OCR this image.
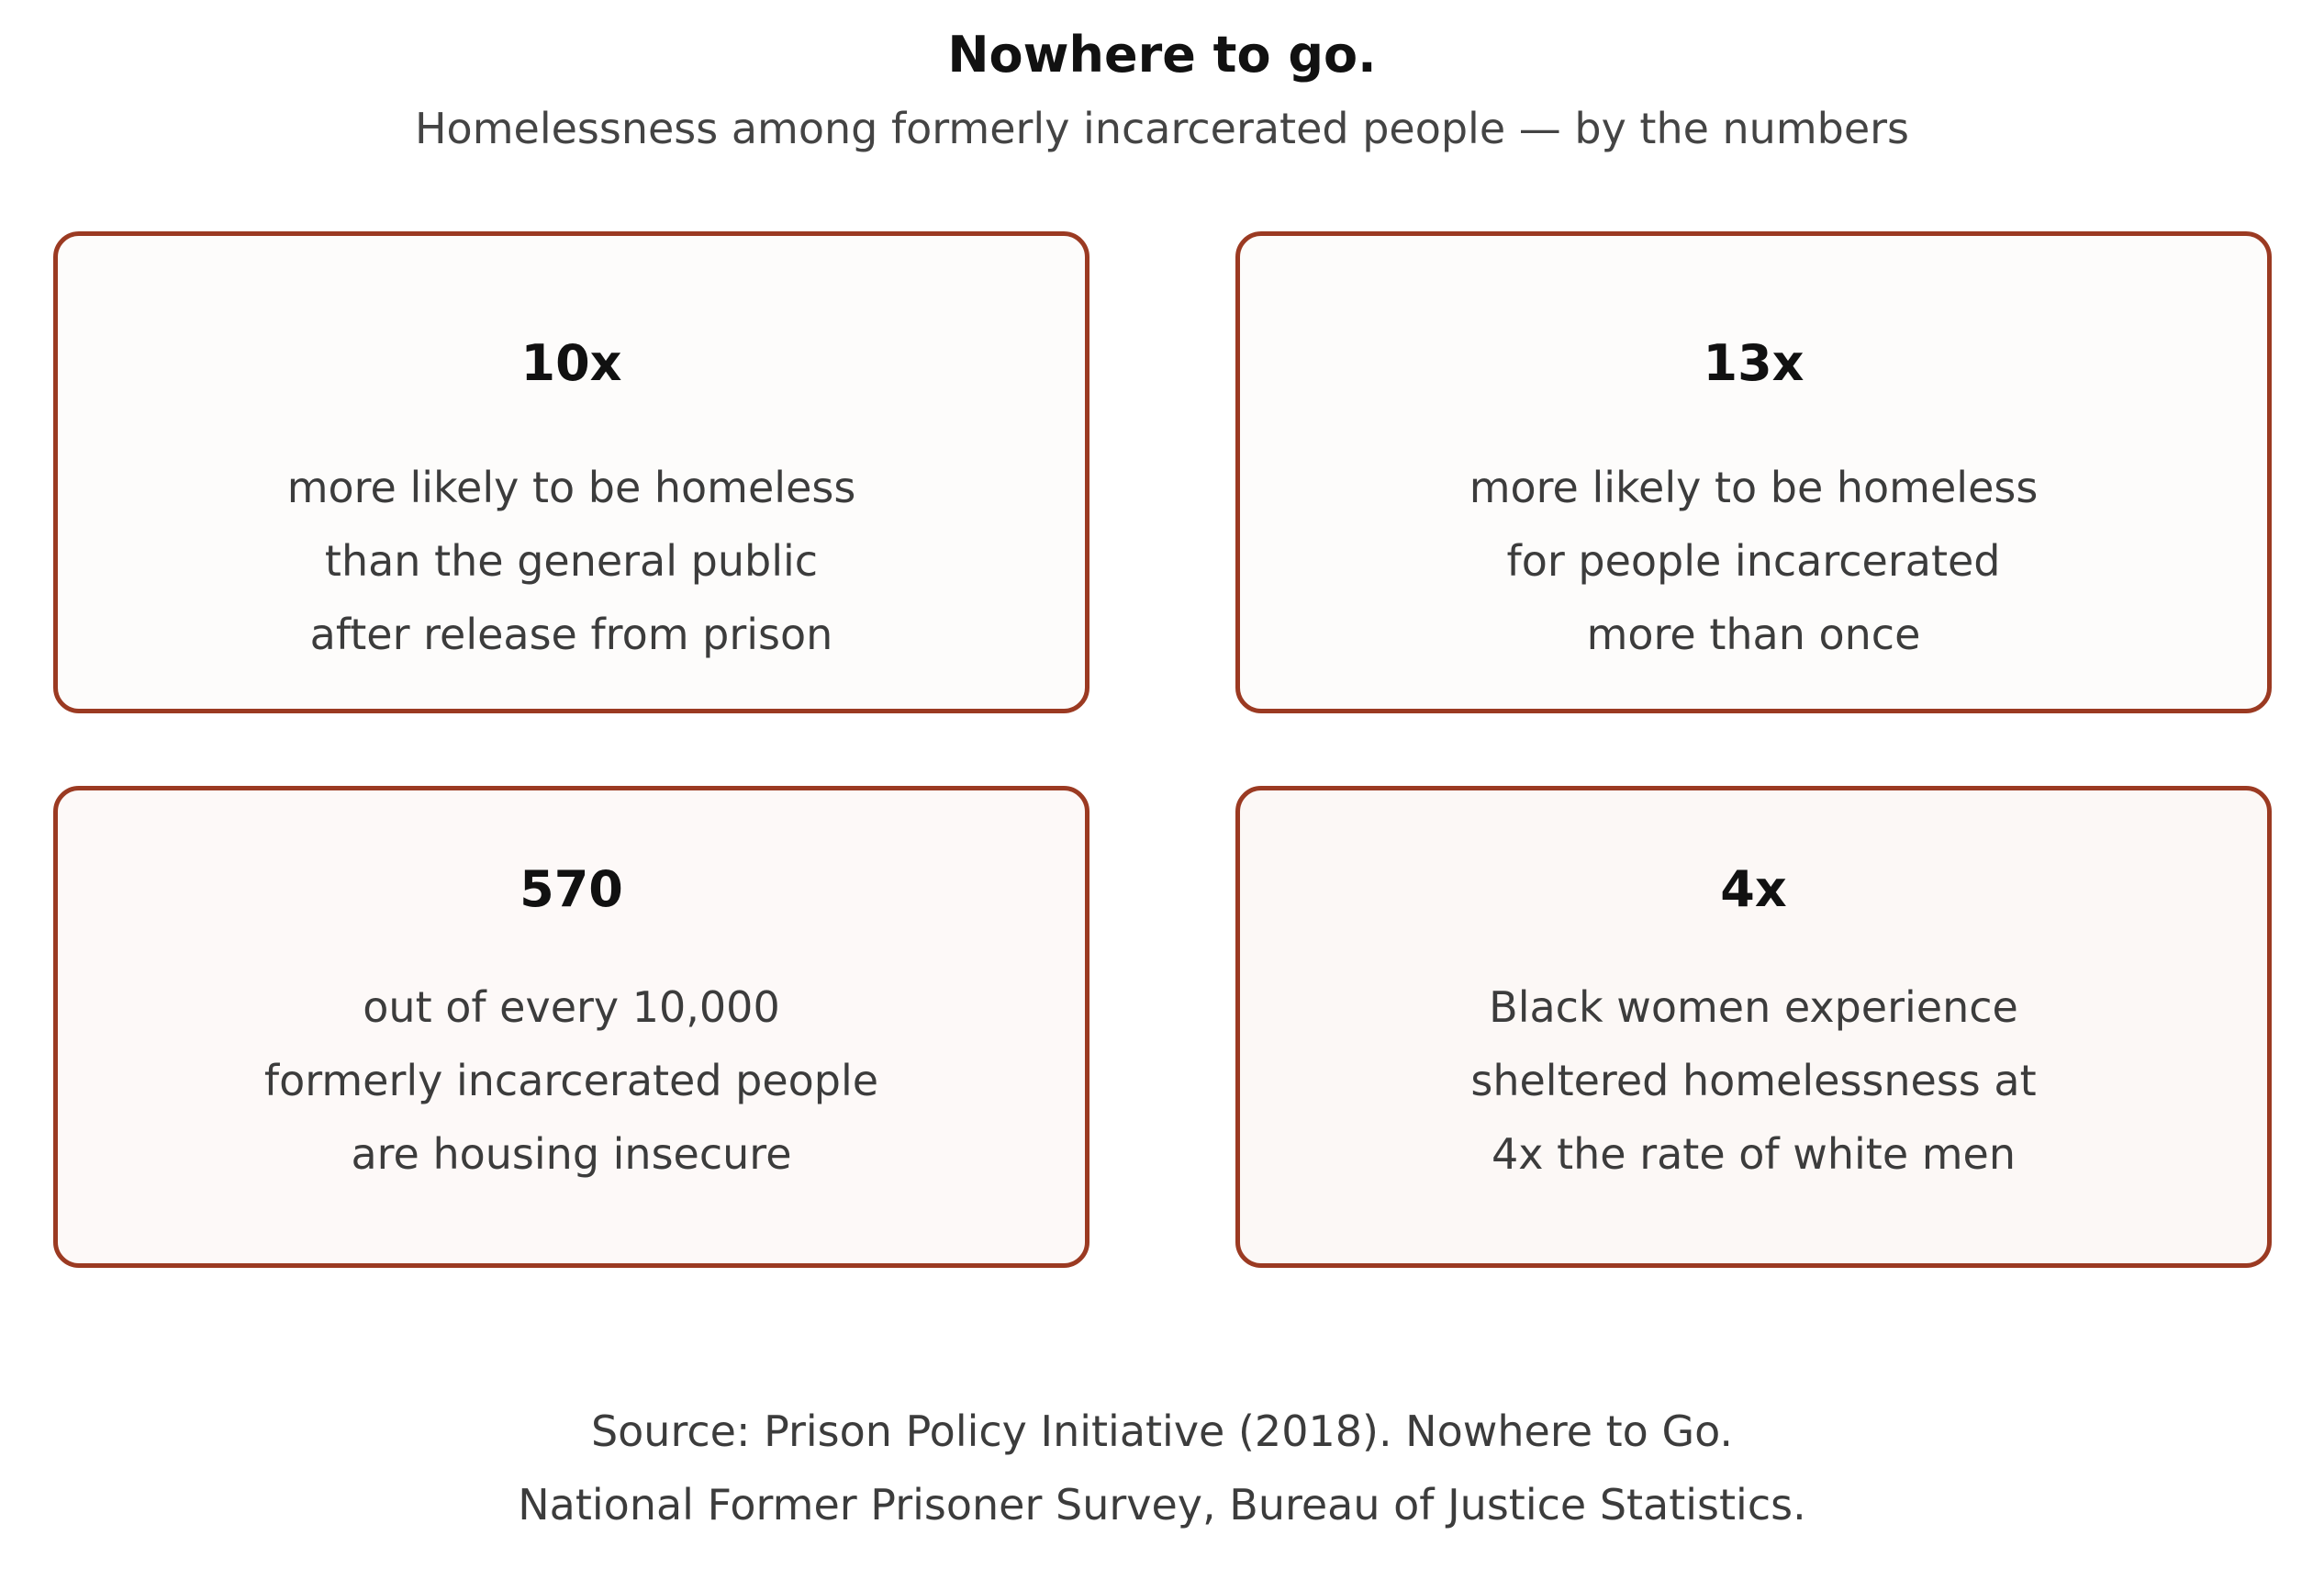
Nowhere to go.
Homelessness among formerly incarcerated people — by the numbers
10x
more likely to be homeless
than the general public
after release from prison
13x
more likely to be homeless
for people incarcerated
more than once
570
out of every 10,000
formerly incarcerated people
are housing insecure
4x
Black women experience
sheltered homelessness at
4x the rate of white men
Source: Prison Policy Initiative (2018). Nowhere to Go.
National Former Prisoner Survey, Bureau of Justice Statistics.
